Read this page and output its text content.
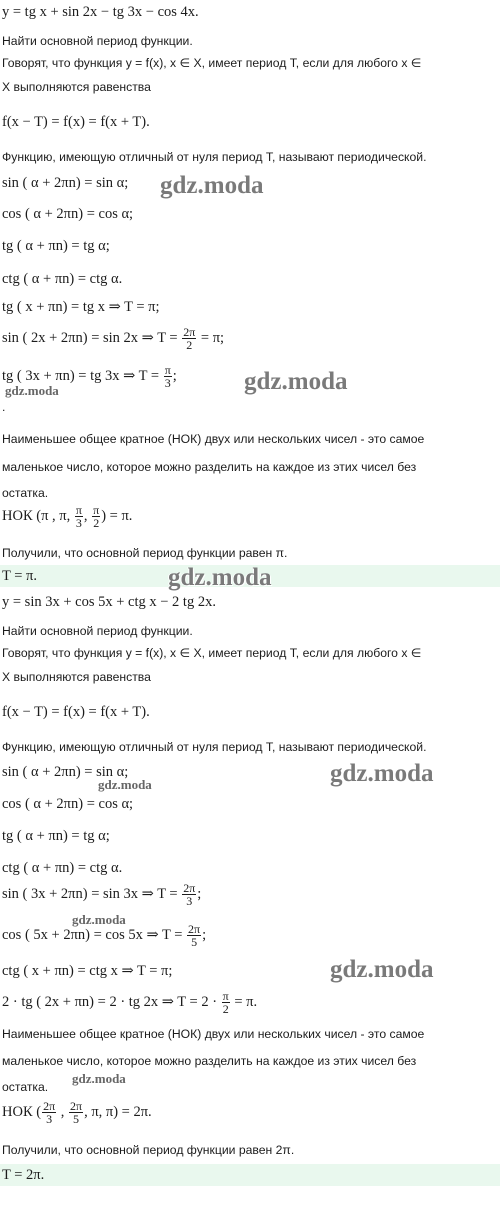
y = tg x + sin 2x − tg 3x − cos 4x.
Найти основной период функции.
Говорят, что функция y = f(x), x ∈ X, имеет период T, если для любого x ∈
X выполняются равенства
f(x − T) = f(x) = f(x + T).
Функцию, имеющую отличный от нуля период T, называют периодической.
sin ( α + 2πn) = sin α;
cos ( α + 2πn) = cos α;
tg ( α + πn) = tg α;
ctg ( α + πn) = ctg α.
tg ( x + πn) = tg x ⇒ T = π;
sin ( 2x + 2πn) = sin 2x ⇒ $T = \frac{2\pi}{2} = \pi$;
tg ( 3x + πn) = tg 3x ⇒ $T = \frac{\pi}{3}$ ;
.
Наименьшее общее кратное (НОК) двух или нескольких чисел - это самое
маленькое число, которое можно разделить на каждое из этих чисел без
остатка.
НОК (π , π, $\frac{\pi}{3}$ , $\frac{\pi}{2}$ ) = π.
Получили, что основной период функции равен π.
T = π.
y = sin 3x + cos 5x + ctg x − 2 tg 2x.
Найти основной период функции.
Говорят, что функция y = f(x), x ∈ X, имеет период T, если для любого x ∈
X выполняются равенства
f(x − T) = f(x) = f(x + T).
Функцию, имеющую отличный от нуля период T, называют периодической.
sin ( α + 2πn) = sin α;
cos ( α + 2πn) = cos α;
tg ( α + πn) = tg α;
ctg ( α + πn) = ctg α.
sin ( 3x + 2πn) = sin 3x ⇒ $T = \frac{2\pi}{3}$ ;
cos ( 5x + 2πn) = cos 5x ⇒ $T = \frac{2\pi}{5}$ ;
ctg ( x + πn) = ctg x ⇒ T = π;
2 · tg ( 2x + πn) = 2 · tg 2x ⇒ $T = 2 \cdot \frac{\pi}{2} = \pi$.
Наименьшее общее кратное (НОК) двух или нескольких чисел - это самое
маленькое число, которое можно разделить на каждое из этих чисел без
остатка.
НОК ( $\frac{2\pi}{3}$ , $\frac{2\pi}{5}$ , π, π) = 2π.
Получили, что основной период функции равен 2π.
T = 2π.
gdz.moda
gdz.moda
gdz.moda
gdz.moda
gdz.moda
gdz.moda
gdz.moda
gdz.moda
gdz.moda
